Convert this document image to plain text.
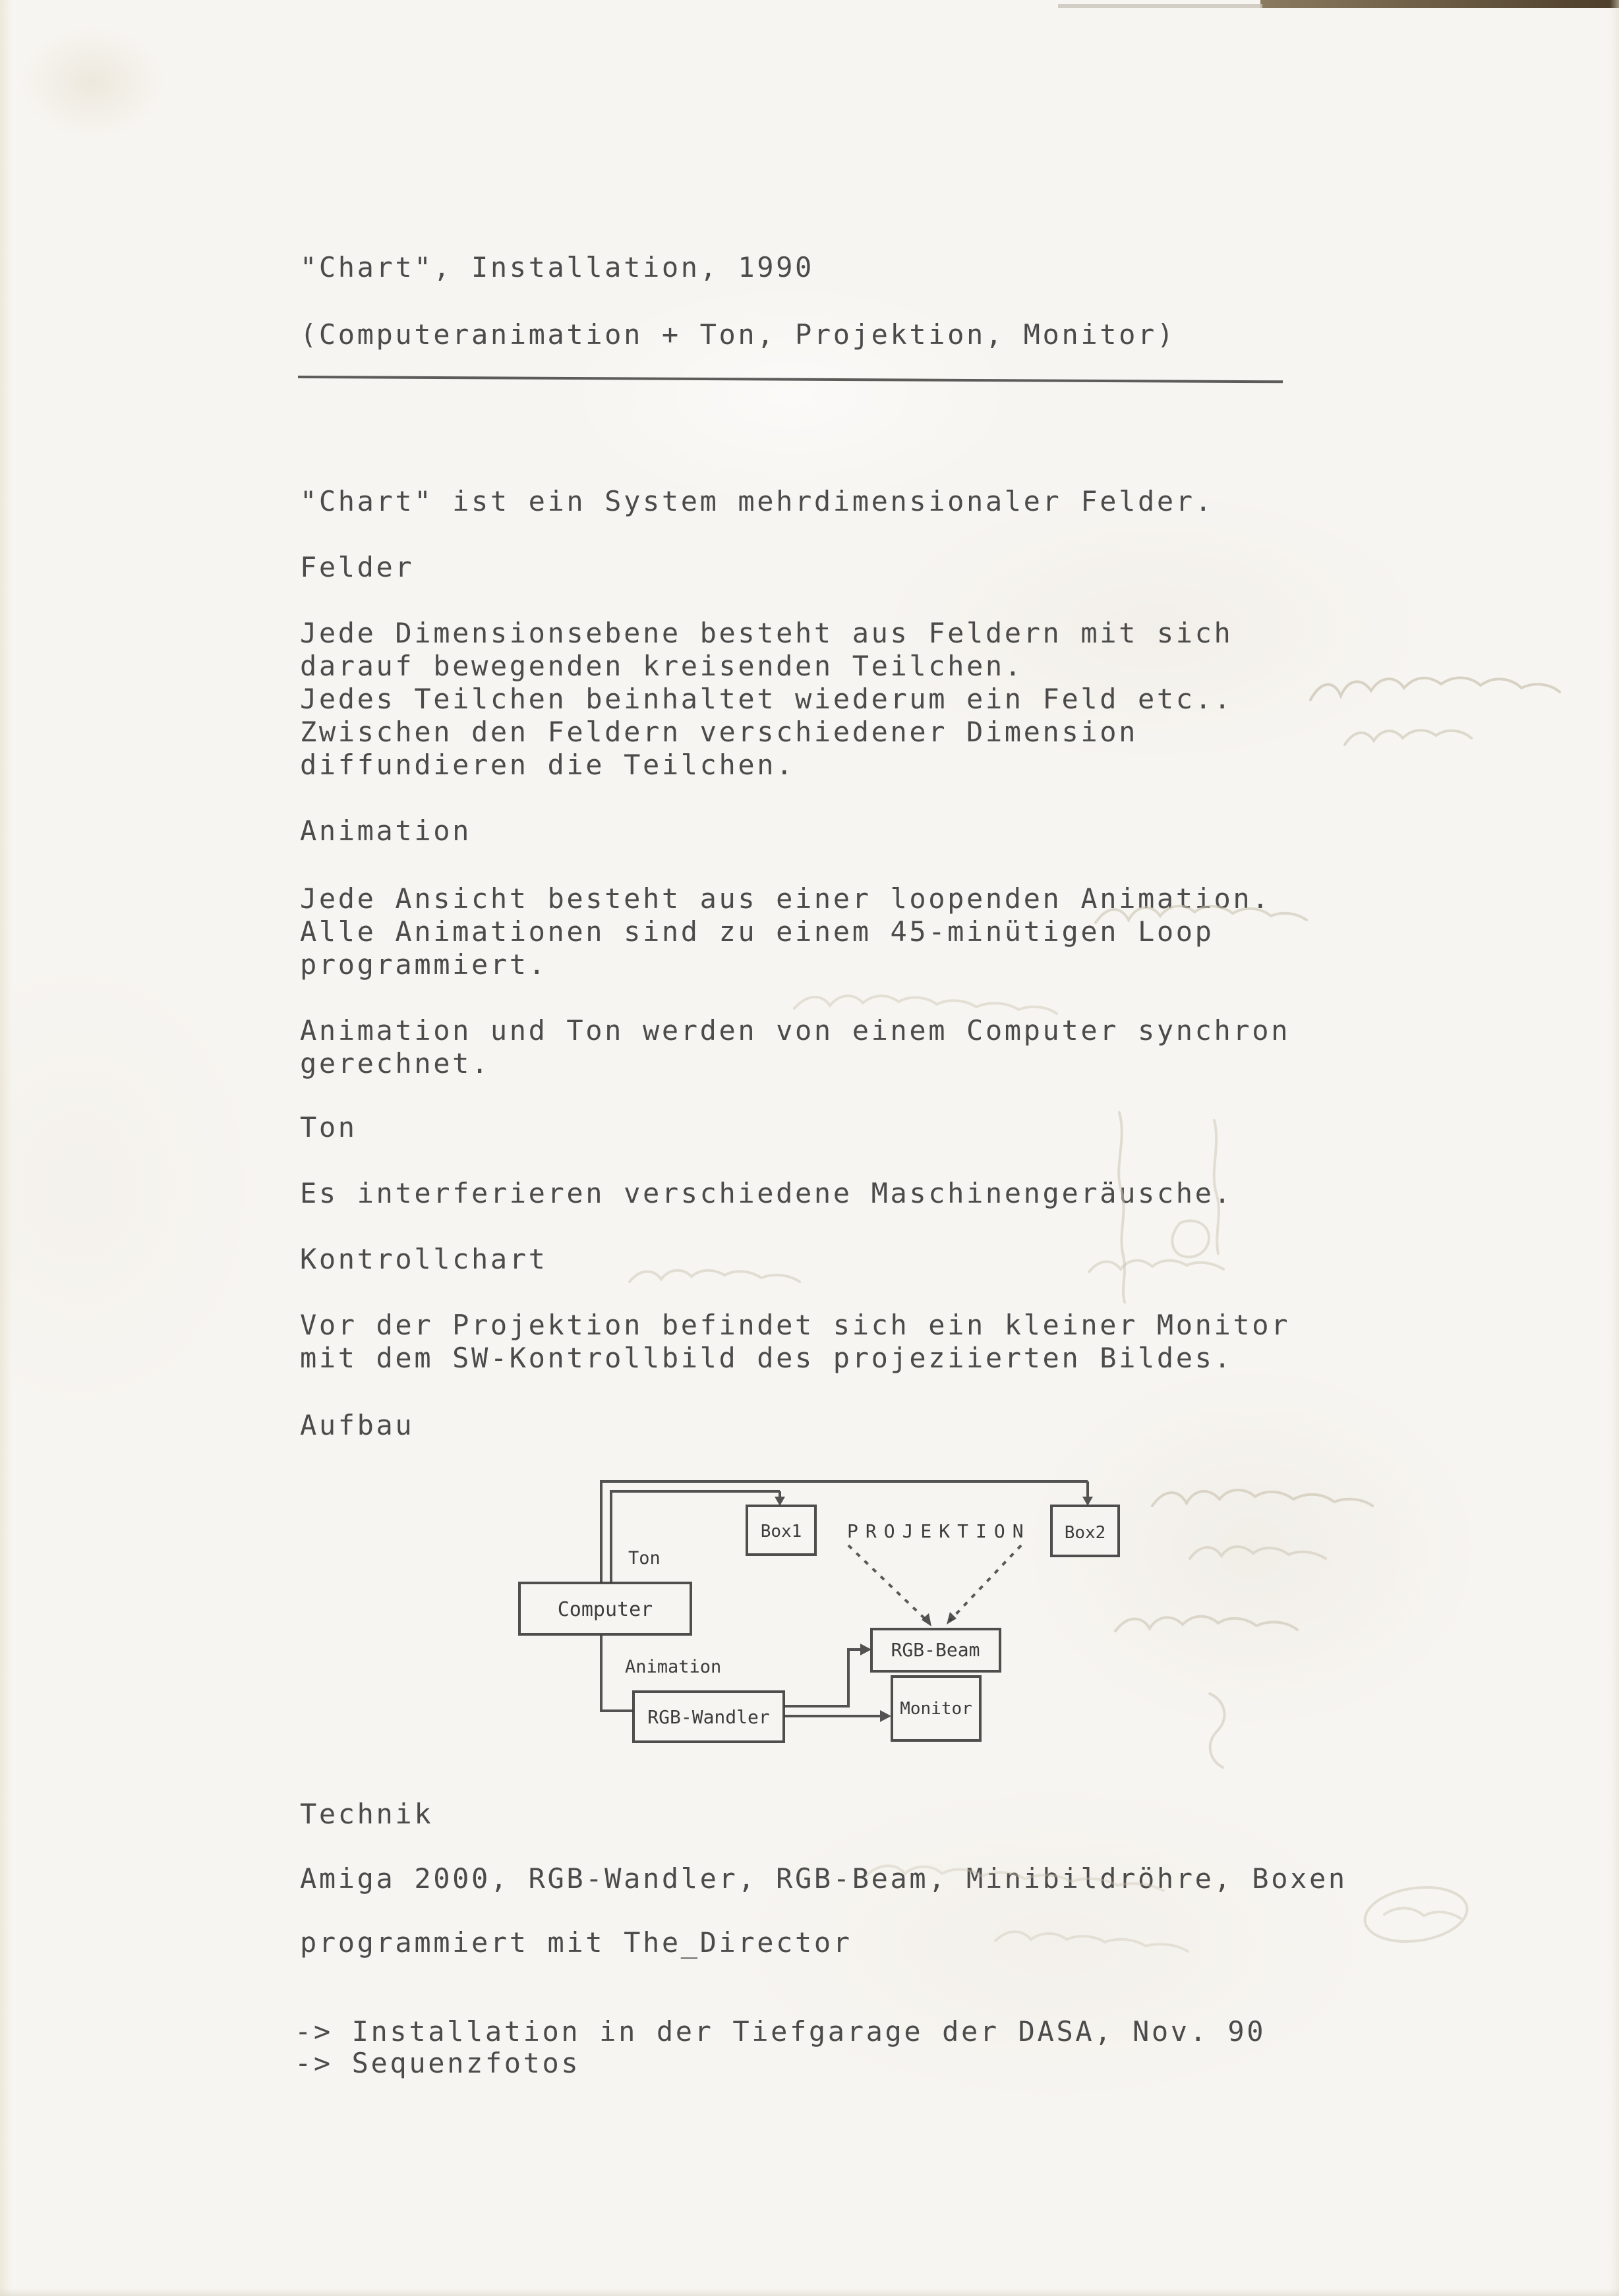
"Chart", Installation, 1990
(Computeranimation + Ton, Projektion, Monitor)
"Chart" ist ein System mehrdimensionaler Felder.
Felder
Jede Dimensionsebene besteht aus Feldern mit sich
darauf bewegenden kreisenden Teilchen.
Jedes Teilchen beinhaltet wiederum ein Feld etc..
Zwischen den Feldern verschiedener Dimension
diffundieren die Teilchen.
Animation
Jede Ansicht besteht aus einer loopenden Animation.
Alle Animationen sind zu einem 45-minütigen Loop
programmiert.
Animation und Ton werden von einem Computer synchron
gerechnet.
Ton
Es interferieren verschiedene Maschinengeräusche.
Kontrollchart
Vor der Projektion befindet sich ein kleiner Monitor
mit dem SW-Kontrollbild des projeziierten Bildes.
Aufbau
Box1	Box2
PROJEKTION
Ton
Computer
Animation
RGB-Wandler
RGB-Beam
Monitor
Technik
Amiga 2000, RGB-Wandler, RGB-Beam, Minibildröhre, Boxen
programmiert mit The_Director
-> Installation in der Tiefgarage der DASA, Nov. 90
-> Sequenzfotos
